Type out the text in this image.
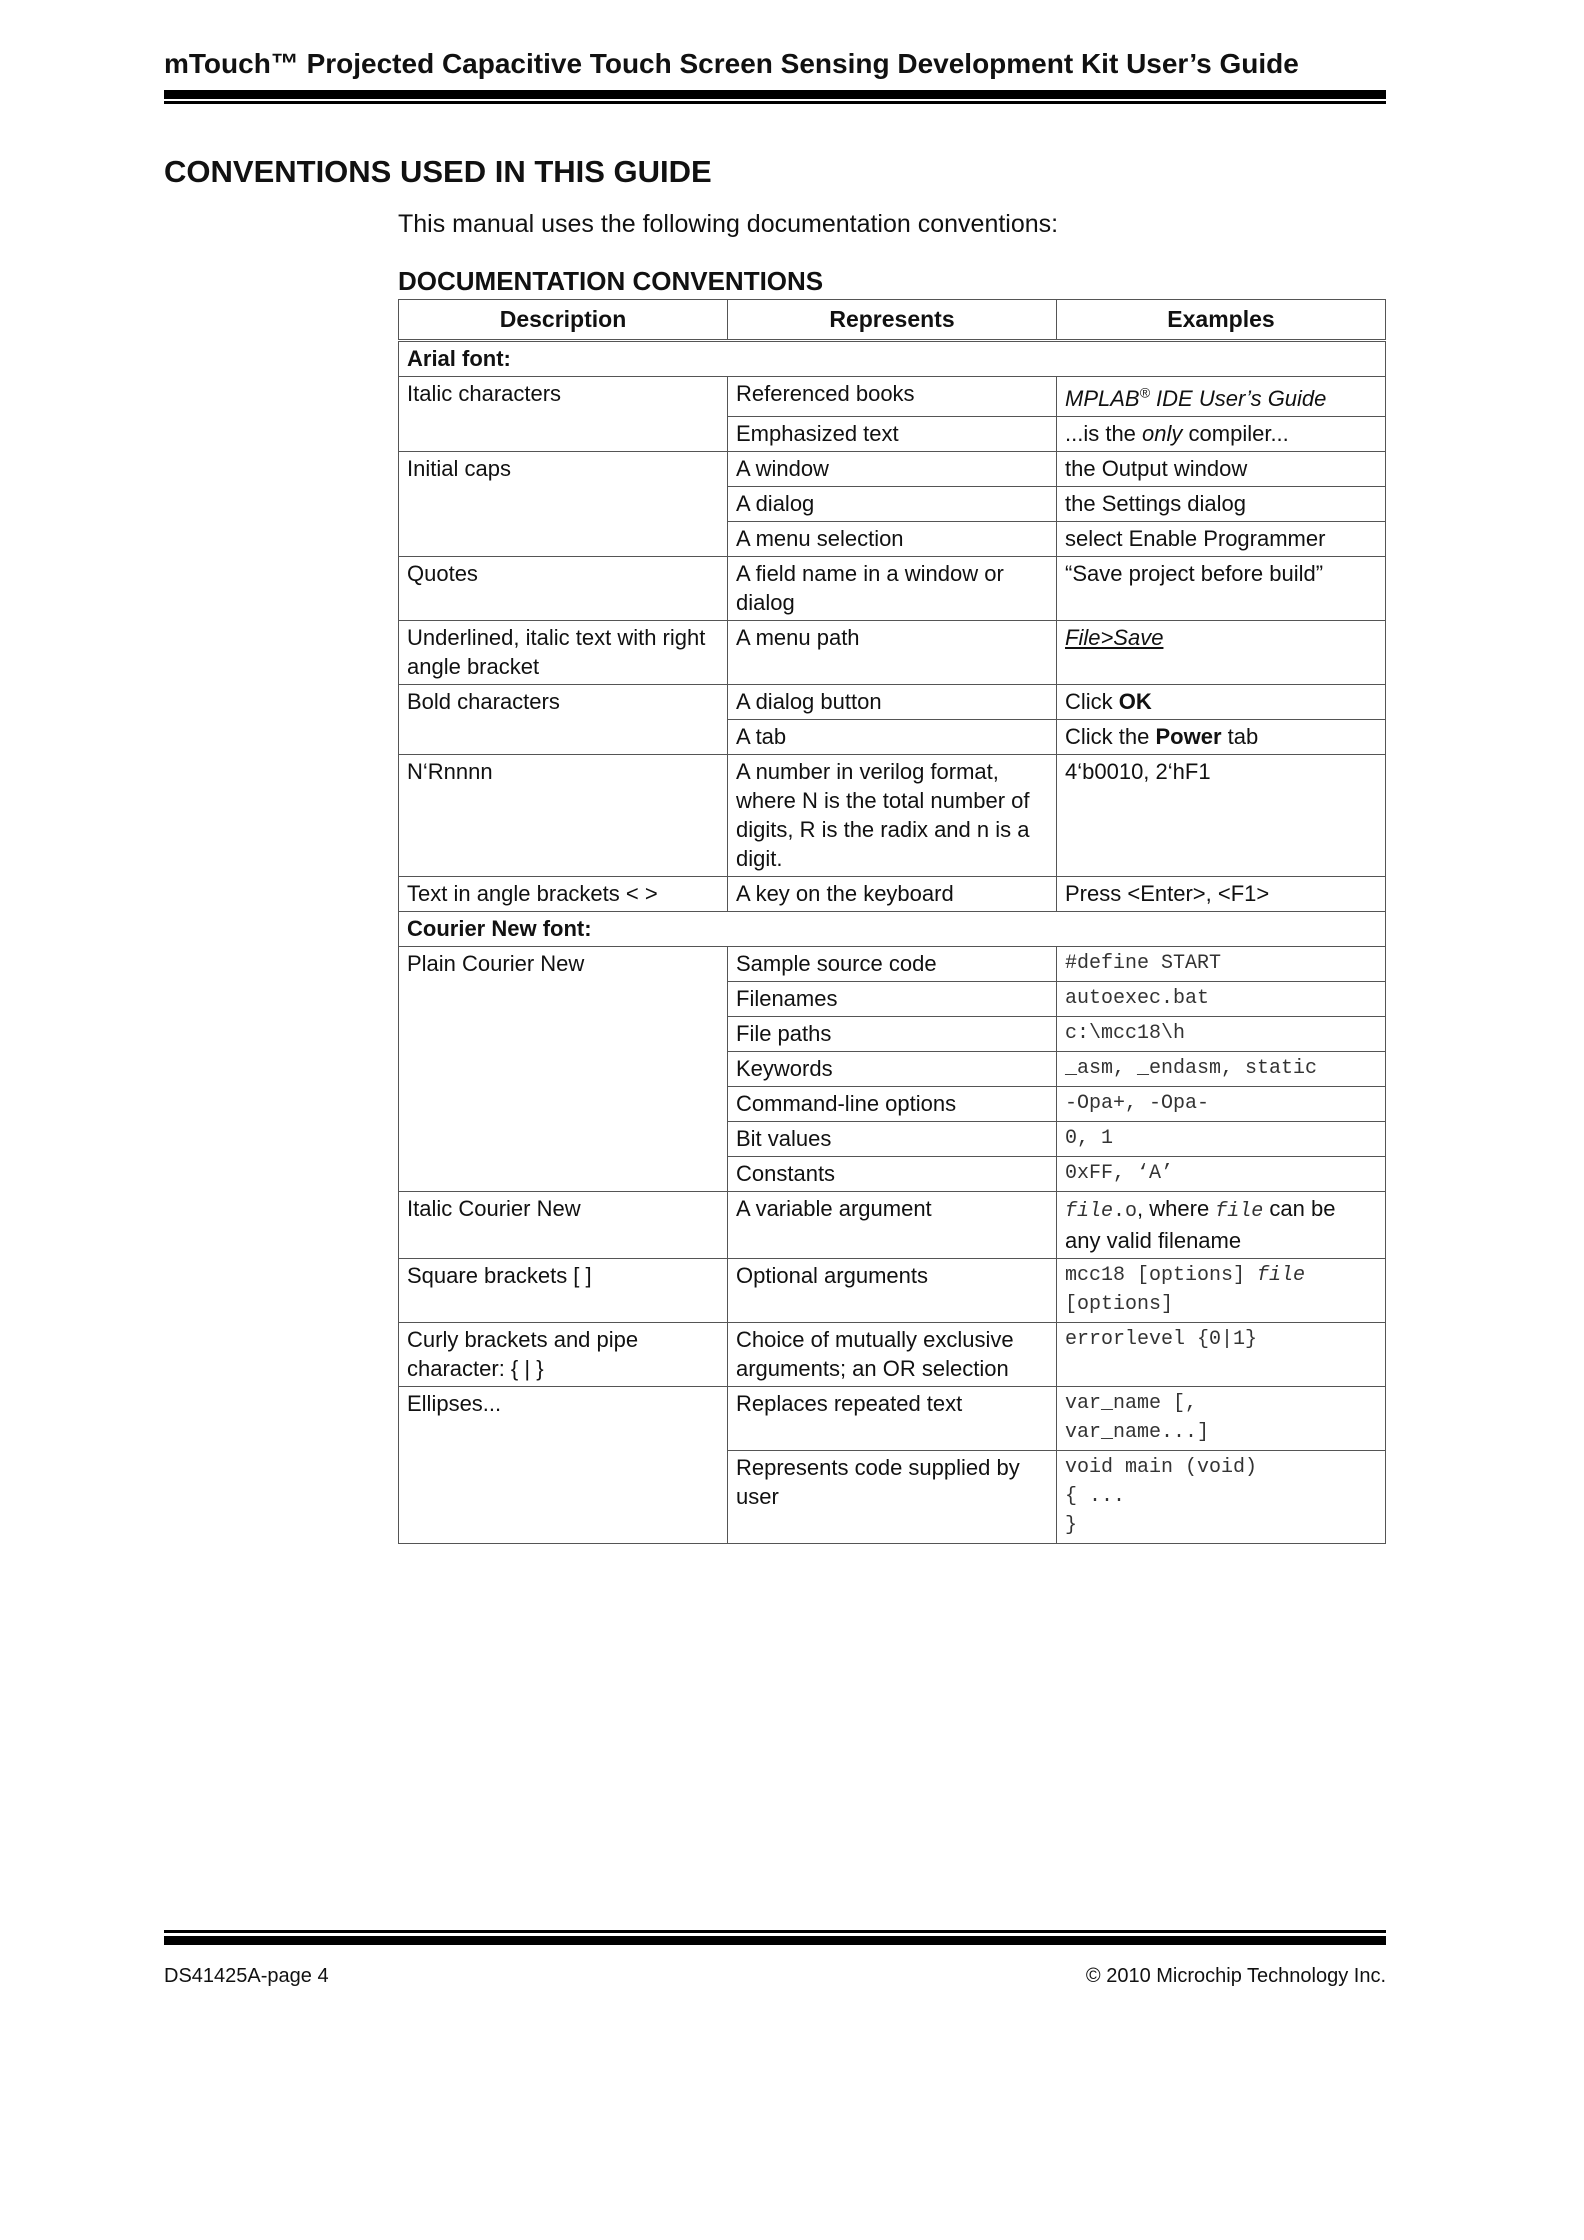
mTouch™ Projected Capacitive Touch Screen Sensing Development Kit User’s Guide
CONVENTIONS USED IN THIS GUIDE
This manual uses the following documentation conventions:
DOCUMENTATION CONVENTIONS
Description	Represents	Examples
Arial font:		
Italic characters	Referenced books	MPLAB® IDE User’s Guide
	Emphasized text	...is the only compiler...
Initial caps	A window	the Output window
	A dialog	the Settings dialog
	A menu selection	select Enable Programmer
Quotes	A field name in a window or dialog	“Save project before build”
Underlined, italic text with right angle bracket	A menu path	File>Save
Bold characters	A dialog button	Click OK
	A tab	Click the Power tab
N‘Rnnnn	A number in verilog format, where N is the total number of digits, R is the radix and n is a digit.	4‘b0010, 2‘hF1
Text in angle brackets < >	A key on the keyboard	Press <Enter>, <F1>
Courier New font:		
Plain Courier New	Sample source code	#define START
	Filenames	autoexec.bat
	File paths	c:\mcc18\h
	Keywords	_asm, _endasm, static
	Command-line options	-Opa+, -Opa-
	Bit values	0, 1
	Constants	0xFF, ‘A’
Italic Courier New	A variable argument	file.o, where file can be any valid filename
Square brackets [ ]	Optional arguments	mcc18 [options] file
[options]
Curly brackets and pipe character: { | }	Choice of mutually exclusive arguments; an OR selection	errorlevel {0|1}
Ellipses...	Replaces repeated text	var_name [,
var_name...]
	Represents code supplied by user	void main (void)
{ ...
}
DS41425A-page 4	© 2010 Microchip Technology Inc.
